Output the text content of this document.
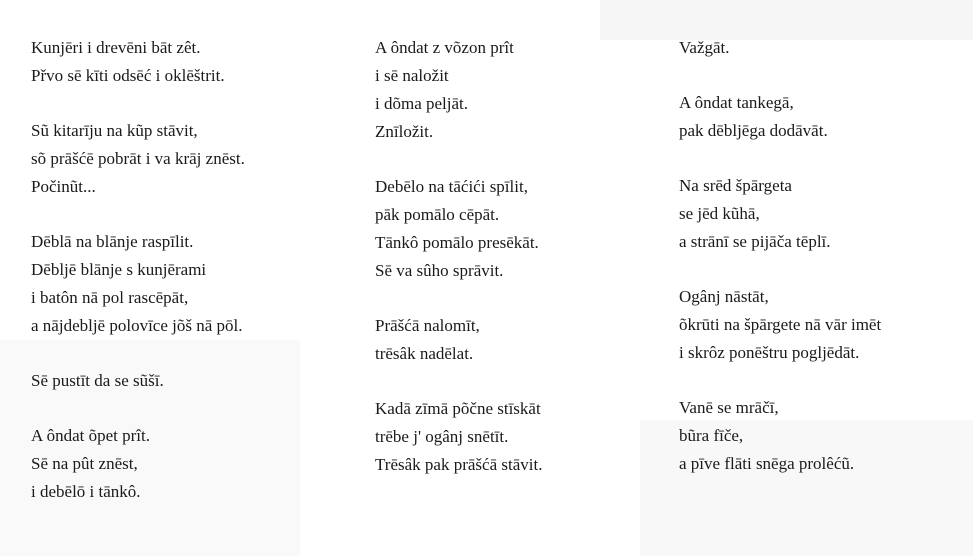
Kunjēri i drevēni bāt zêt.
Přvo sē kīti odsēć i oklēštrit.
Sũ kitarīju na kũp stāvit,
sõ prāšćē pobrāt i va krāj znēst.
Počinũt...
Dēblā na blānje raspīlit.
Dēbljē blānje s kunjērami
i batôn nā pol rascēpāt,
a nājdebljē polovīce jõš nā pōl.
Sē pustīt da se sũšī.
A ôndat õpet prît.
Sē na pût znēst,
i debēlō i tānkô.
A ôndat z võzon prît
i sē naložit
i dõma peljāt.
Znīložit.
Debēlo na tāćići spīlit,
pāk pomālo cēpāt.
Tānkô pomālo presēkāt.
Sē va sûho sprāvit.
Prāšćā nalomīt,
trēsâk nadēlat.
Kadā zīmā põčne stīskāt
trēbe j' ogânj snētīt.
Trēsâk pak prāšćā stāvit.
Važgāt.
A ôndat tankegā,
pak dēbljēga dodāvāt.
Na srēd špārgeta
se jēd kũhā,
a strānī se pijāča tēplī.
Ogânj nāstāt,
õkrūti na špārgete nā vār imēt
i skrôz ponēštru poglјēdāt.
Vanē se mrāčī,
bũra fīče,
a pīve flāti snēga prolêćũ.
